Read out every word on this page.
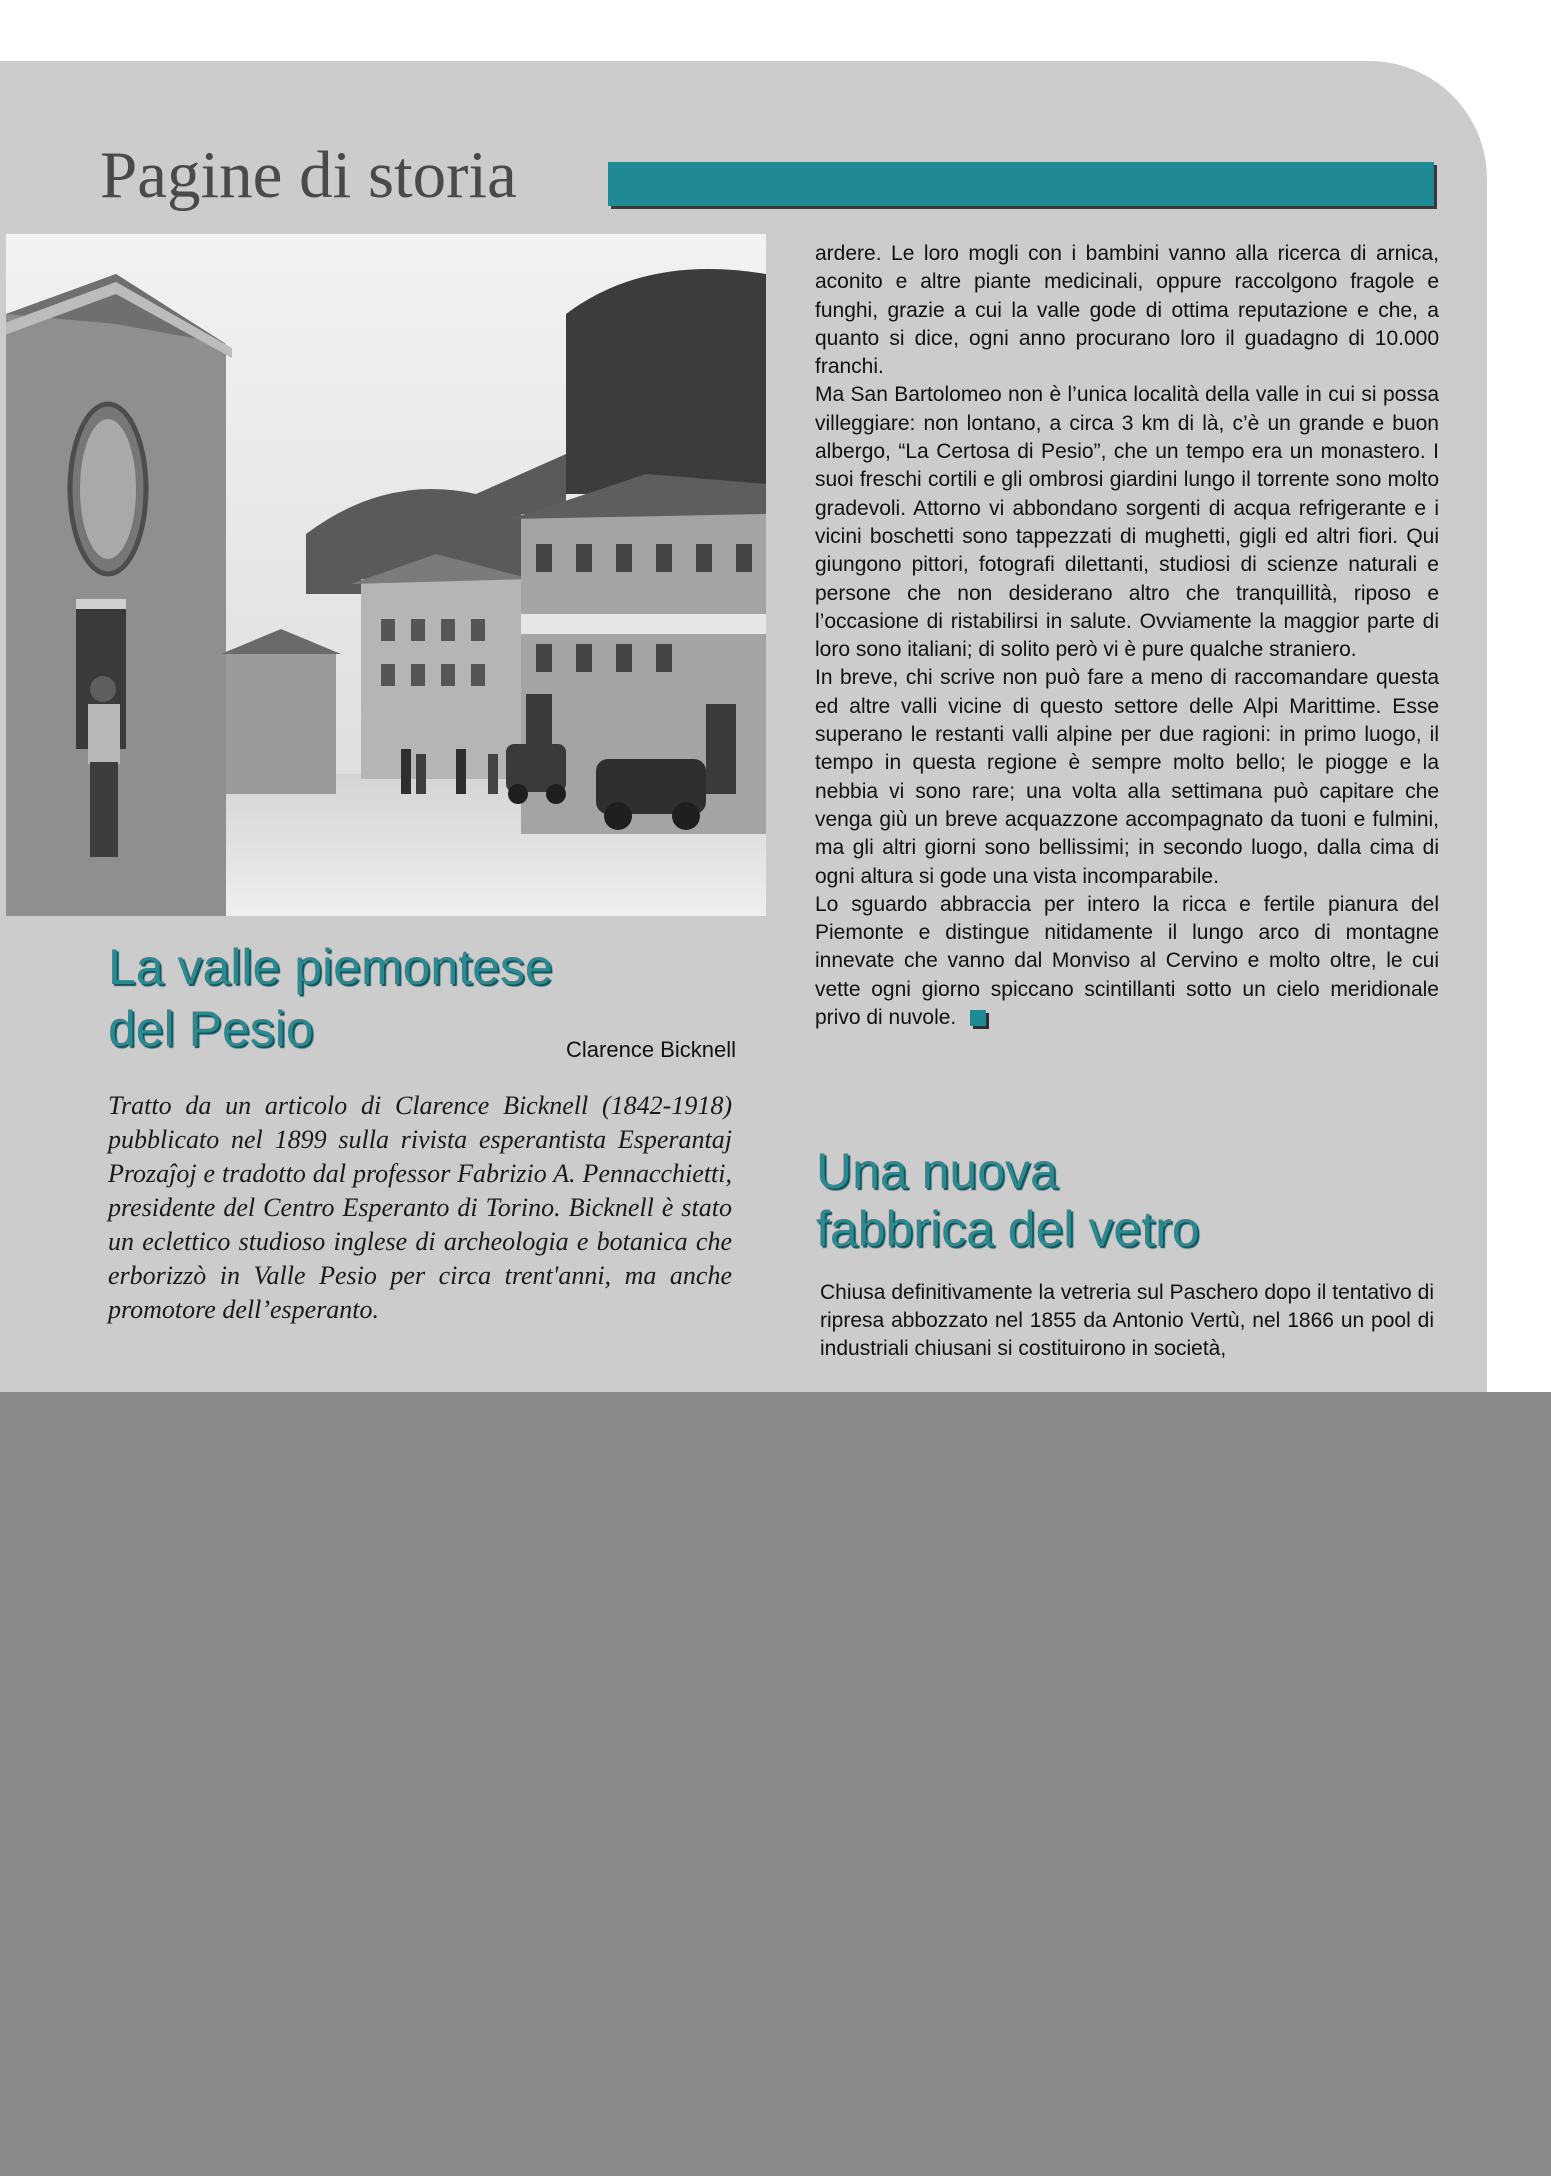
Pagine di storia
La valle piemontese
del Pesio	Clarence Bicknell

Tratto da un articolo di Clarence Bicknell (1842-1918) pubblicato nel 1899 sulla rivista esperantista Esperantaj Prozaĵoj e tradotto dal professor Fabrizio A. Pennacchietti, presidente del Centro Esperanto di Torino. Bicknell è stato un eclettico studioso inglese di archeologia e botanica che erborizzò in Valle Pesio per circa trent'anni, ma anche promotore dell’esperanto.

ardere. Le loro mogli con i bambini vanno alla ricerca di arnica, aconito e altre piante medicinali, oppure raccolgono fragole e funghi, grazie a cui la valle gode di ottima reputazione e che, a quanto si dice, ogni anno procurano loro il guadagno di 10.000 franchi.

Ma San Bartolomeo non è l’unica località della valle in cui si possa villeggiare: non lontano, a circa 3 km di là, c’è un grande e buon albergo, “La Certosa di Pesio”, che un tempo era un monastero. I suoi freschi cortili e gli ombrosi giardini lungo il torrente sono molto gradevoli. Attorno vi abbondano sorgenti di acqua refrigerante e i vicini boschetti sono tappezzati di mughetti, gigli ed altri fiori. Qui giungono pittori, fotografi dilettanti, studiosi di scienze naturali e persone che non desiderano altro che tranquillità, riposo e l’occasione di ristabilirsi in salute. Ovviamente la maggior parte di loro sono italiani; di solito però vi è pure qualche straniero.

In breve, chi scrive non può fare a meno di raccomandare questa ed altre valli vicine di questo settore delle Alpi Marittime. Esse superano le restanti valli alpine per due ragioni: in primo luogo, il tempo in questa regione è sempre molto bello; le piogge e la nebbia vi sono rare; una volta alla settimana può capitare che venga giù un breve acquazzone accompagnato da tuoni e fulmini, ma gli altri giorni sono bellissimi; in secondo luogo, dalla cima di ogni altura si gode una vista incomparabile.

Lo sguardo abbraccia per intero la ricca e fertile pianura del Piemonte e distingue nitidamente il lungo arco di montagne innevate che vanno dal Monviso al Cervino e molto oltre, le cui vette ogni giorno spiccano scintillanti sotto un cielo meridionale privo di nuvole.

Una nuova
fabbrica del vetro

Chiusa definitivamente la vetreria sul Paschero dopo il tentativo di ripresa abbozzato nel 1855 da Antonio Vertù, nel 1866 un pool di industriali chiusani si costituirono in società,
